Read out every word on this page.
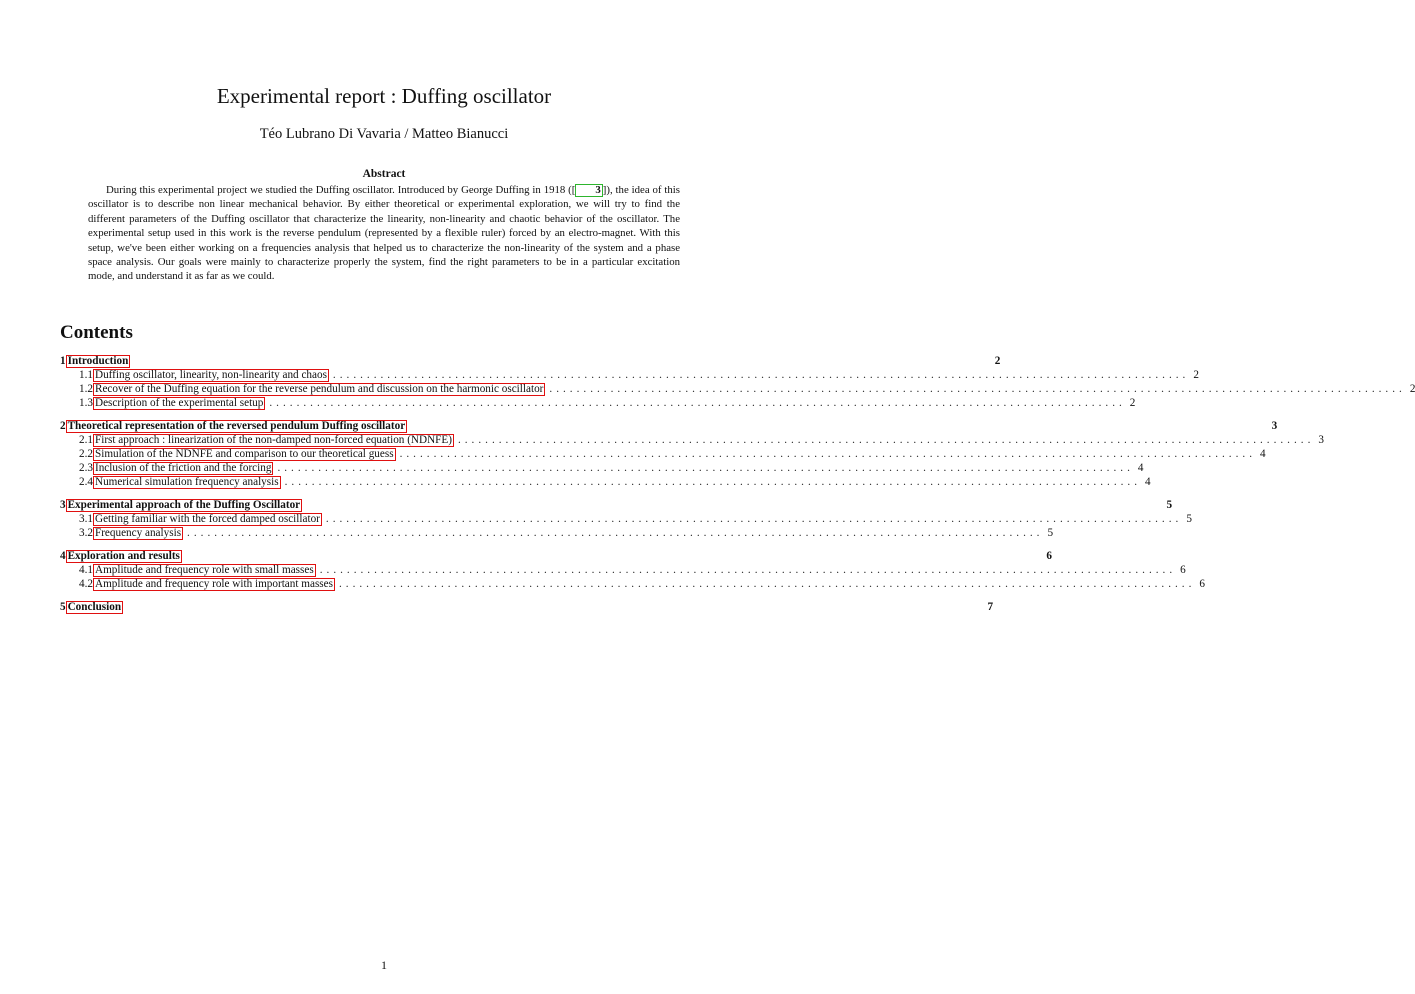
Experimental report : Duffing oscillator
Téo Lubrano Di Vavaria / Matteo Bianucci
Abstract
During this experimental project we studied the Duffing oscillator. Introduced by George Duffing in 1918 ([ 3 ]), the idea of this oscillator is to describe non linear mechanical behavior. By either theoretical or experimental exploration, we will try to find the different parameters of the Duffing oscillator that characterize the linearity, non-linearity and chaotic behavior of the oscillator. The experimental setup used in this work is the reverse pendulum (represented by a flexible ruler) forced by an electro-magnet. With this setup, we've been either working on a frequencies analysis that helped us to characterize the non-linearity of the system and a phase space analysis. Our goals were mainly to characterize properly the system, find the right parameters to be in a particular excitation mode, and understand it as far as we could.
Contents
1 Introduction	2
1.1 Duffing oscillator, linearity, non-linearity and chaos .............................................................................................................................. 2
1.2 Recover of the Duffing equation for the reverse pendulum and discussion on the harmonic oscillator .............................................................................................................................. 2
1.3 Description of the experimental setup .............................................................................................................................. 2
2 Theoretical representation of the reversed pendulum Duffing oscillator	3
2.1 First approach : linearization of the non-damped non-forced equation (NDNFE) .............................................................................................................................. 3
2.2 Simulation of the NDNFE and comparison to our theoretical guess .............................................................................................................................. 4
2.3 Inclusion of the friction and the forcing .............................................................................................................................. 4
2.4 Numerical simulation frequency analysis .............................................................................................................................. 4
3 Experimental approach of the Duffing Oscillator	5
3.1 Getting familiar with the forced damped oscillator .............................................................................................................................. 5
3.2 Frequency analysis .............................................................................................................................. 5
4 Exploration and results	6
4.1 Amplitude and frequency role with small masses .............................................................................................................................. 6
4.2 Amplitude and frequency role with important masses .............................................................................................................................. 6
5 Conclusion	7
1
